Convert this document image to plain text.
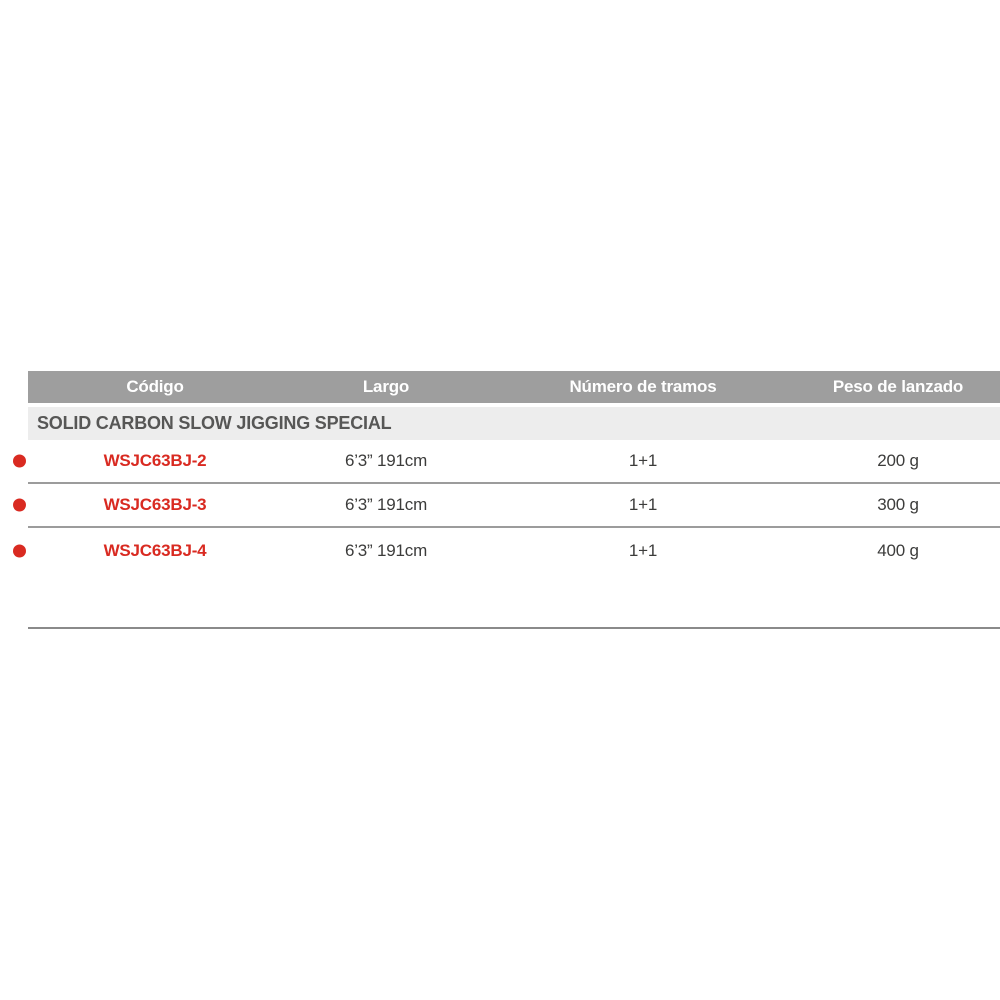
Código	Largo	Número de tramos	Peso de lanzado
SOLID CARBON SLOW JIGGING SPECIAL
WSJC63BJ-2	6’3” 191cm	1+1	200 g
WSJC63BJ-3	6’3” 191cm	1+1	300 g
WSJC63BJ-4	6’3” 191cm	1+1	400 g
